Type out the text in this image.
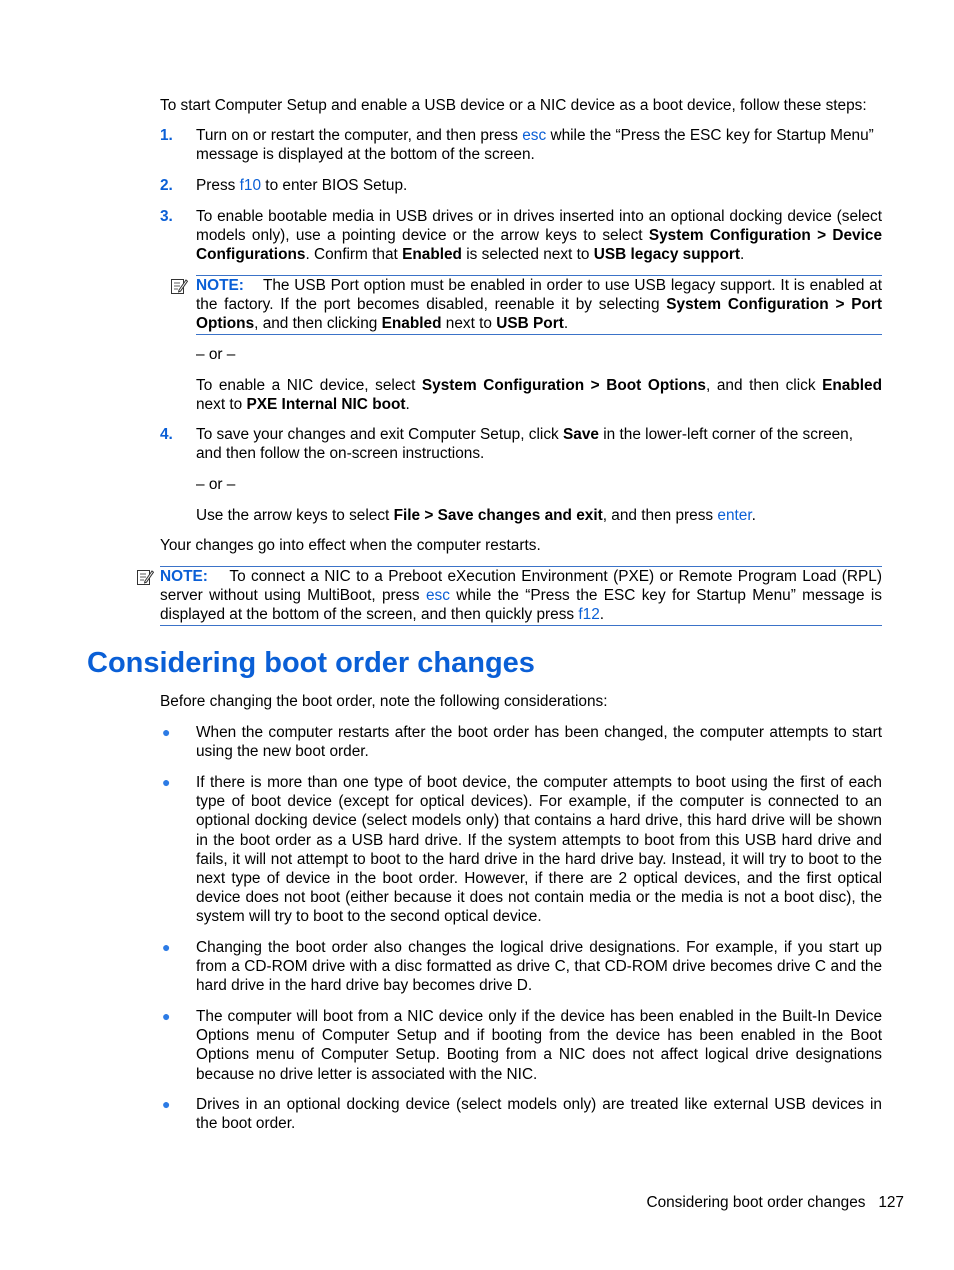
To start Computer Setup and enable a USB device or a NIC device as a boot device, follow these steps:

1. Turn on or restart the computer, and then press esc while the “Press the ESC key for Startup Menu” message is displayed at the bottom of the screen.

2. Press f10 to enter BIOS Setup.

3. To enable bootable media in USB drives or in drives inserted into an optional docking device (select models only), use a pointing device or the arrow keys to select System Configuration > Device Configurations. Confirm that Enabled is selected next to USB legacy support.

NOTE: The USB Port option must be enabled in order to use USB legacy support. It is enabled at the factory. If the port becomes disabled, reenable it by selecting System Configuration > Port Options, and then clicking Enabled next to USB Port.

– or –

To enable a NIC device, select System Configuration > Boot Options, and then click Enabled next to PXE Internal NIC boot.

4. To save your changes and exit Computer Setup, click Save in the lower-left corner of the screen, and then follow the on-screen instructions.

– or –

Use the arrow keys to select File > Save changes and exit, and then press enter.

Your changes go into effect when the computer restarts.

NOTE: To connect a NIC to a Preboot eXecution Environment (PXE) or Remote Program Load (RPL) server without using MultiBoot, press esc while the “Press the ESC key for Startup Menu” message is displayed at the bottom of the screen, and then quickly press f12.

Considering boot order changes

Before changing the boot order, note the following considerations:

● When the computer restarts after the boot order has been changed, the computer attempts to start using the new boot order.

● If there is more than one type of boot device, the computer attempts to boot using the first of each type of boot device (except for optical devices). For example, if the computer is connected to an optional docking device (select models only) that contains a hard drive, this hard drive will be shown in the boot order as a USB hard drive. If the system attempts to boot from this USB hard drive and fails, it will not attempt to boot to the hard drive in the hard drive bay. Instead, it will try to boot to the next type of device in the boot order. However, if there are 2 optical devices, and the first optical device does not boot (either because it does not contain media or the media is not a boot disc), the system will try to boot to the second optical device.

● Changing the boot order also changes the logical drive designations. For example, if you start up from a CD-ROM drive with a disc formatted as drive C, that CD-ROM drive becomes drive C and the hard drive in the hard drive bay becomes drive D.

● The computer will boot from a NIC device only if the device has been enabled in the Built-In Device Options menu of Computer Setup and if booting from the device has been enabled in the Boot Options menu of Computer Setup. Booting from a NIC does not affect logical drive designations because no drive letter is associated with the NIC.

● Drives in an optional docking device (select models only) are treated like external USB devices in the boot order.

Considering boot order changes 127
